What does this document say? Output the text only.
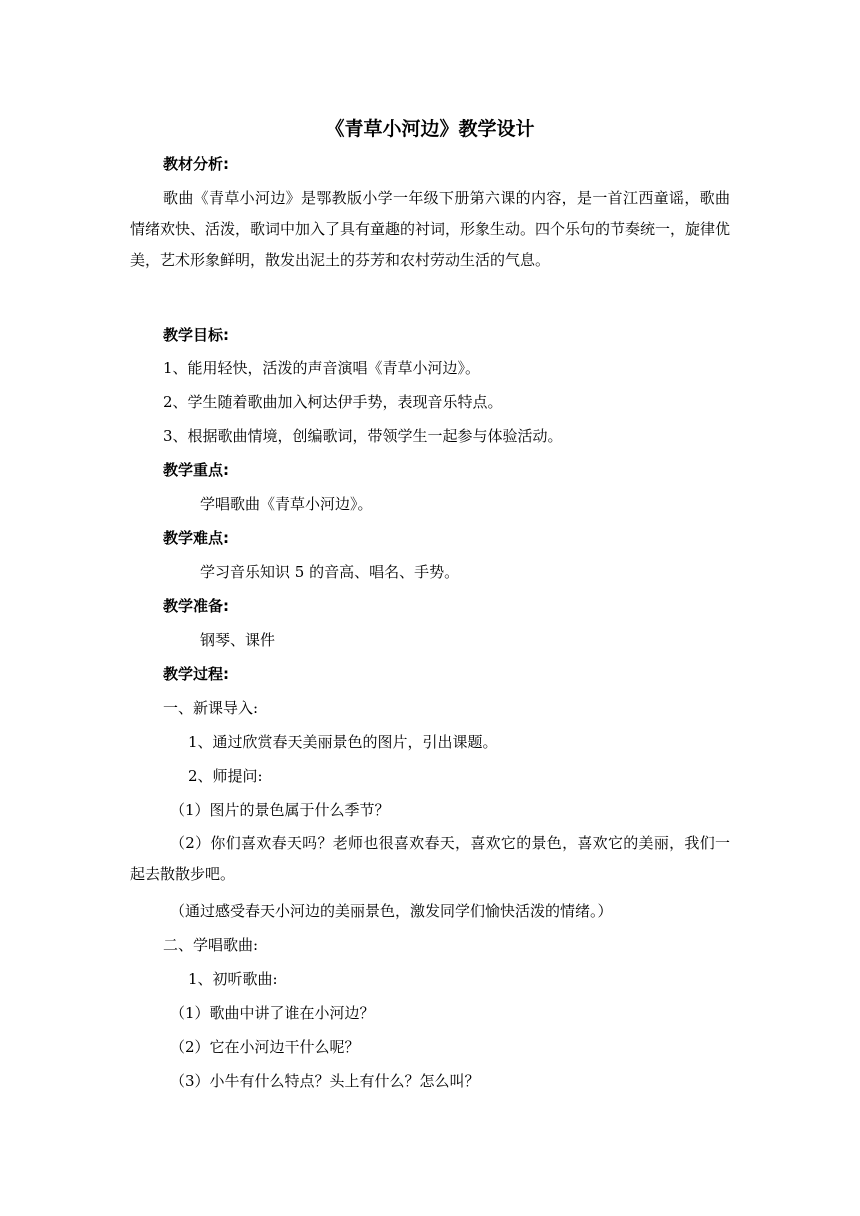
《青草小河边》教学设计
教材分析:
歌曲《青草小河边》是鄂教版小学一年级下册第六课的内容，是一首江西童谣，歌曲情绪欢快、活泼，歌词中加入了具有童趣的衬词，形象生动。四个乐句的节奏统一，旋律优美，艺术形象鲜明，散发出泥土的芬芳和农村劳动生活的气息。
教学目标:
1、能用轻快，活泼的声音演唱《青草小河边》。
2、学生随着歌曲加入柯达伊手势，表现音乐特点。
3、根据歌曲情境，创编歌词，带领学生一起参与体验活动。
教学重点:
学唱歌曲《青草小河边》。
教学难点:
学习音乐知识 5 的音高、唱名、手势。
教学准备:
钢琴、课件
教学过程:
一、新课导入:
1、通过欣赏春天美丽景色的图片，引出课题。
2、师提问:
（1）图片的景色属于什么季节？
（2）你们喜欢春天吗？老师也很喜欢春天，喜欢它的景色，喜欢它的美丽，我们一起去散散步吧。
（通过感受春天小河边的美丽景色，激发同学们愉快活泼的情绪。）
二、学唱歌曲:
1、初听歌曲:
（1）歌曲中讲了谁在小河边？
（2）它在小河边干什么呢？
（3）小牛有什么特点？头上有什么？怎么叫？
